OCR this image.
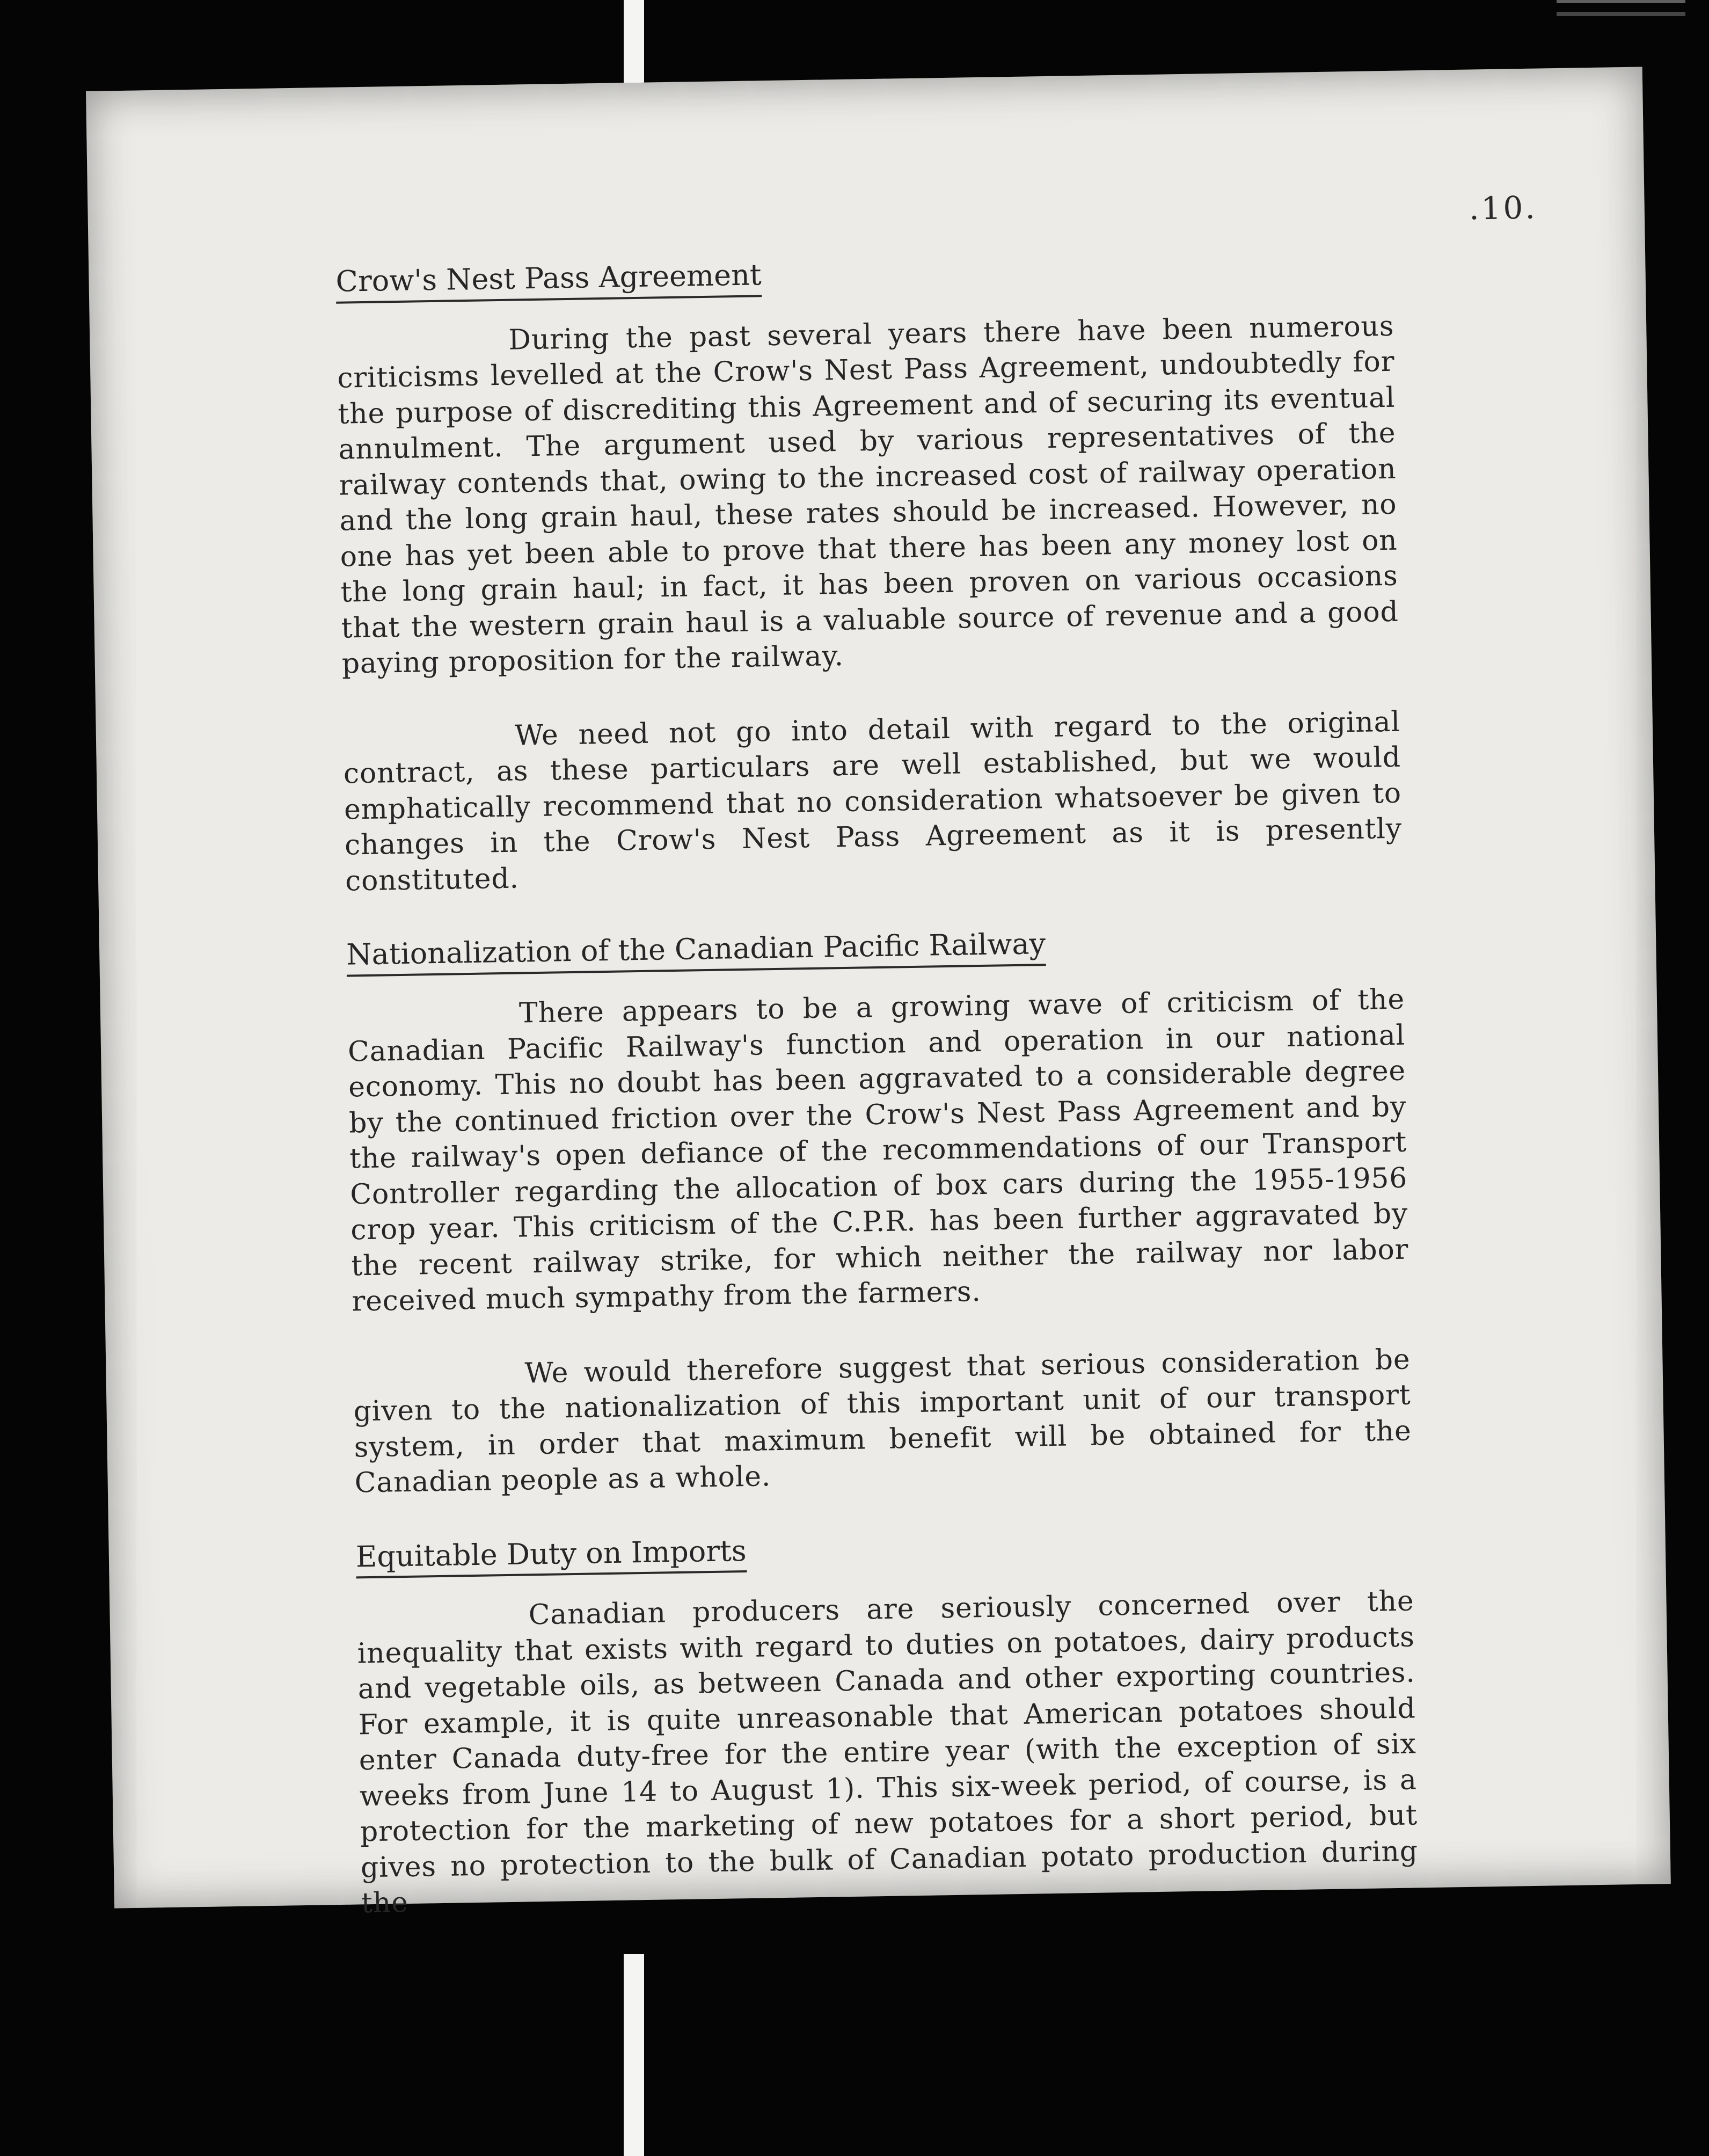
.10.
Crow's Nest Pass Agreement

During the past several years there have been numerous criticisms levelled at the Crow's Nest Pass Agreement, undoubtedly for the purpose of discrediting this Agreement and of securing its eventual annulment. The argument used by various representatives of the railway contends that, owing to the increased cost of railway operation and the long grain haul, these rates should be increased. However, no one has yet been able to prove that there has been any money lost on the long grain haul; in fact, it has been proven on various occasions that the western grain haul is a valuable source of revenue and a good paying proposition for the railway.

We need not go into detail with regard to the original contract, as these particulars are well established, but we would emphatically recommend that no consideration whatsoever be given to changes in the Crow's Nest Pass Agreement as it is presently constituted.

Nationalization of the Canadian Pacific Railway

There appears to be a growing wave of criticism of the Canadian Pacific Railway's function and operation in our national economy. This no doubt has been aggravated to a considerable degree by the continued friction over the Crow's Nest Pass Agreement and by the railway's open defiance of the recommendations of our Transport Controller regarding the allocation of box cars during the 1955-1956 crop year. This criticism of the C.P.R. has been further aggravated by the recent railway strike, for which neither the railway nor labor received much sympathy from the farmers.

We would therefore suggest that serious consideration be given to the nationalization of this important unit of our transport system, in order that maximum benefit will be obtained for the Canadian people as a whole.

Equitable Duty on Imports

Canadian producers are seriously concerned over the inequality that exists with regard to duties on potatoes, dairy products and vegetable oils, as between Canada and other exporting countries. For example, it is quite unreasonable that American potatoes should enter Canada duty-free for the entire year (with the exception of six weeks from June 14 to August 1). This six-week period, of course, is a protection for the marketing of new potatoes for a short period, but gives no protection to the bulk of Canadian potato production during the
